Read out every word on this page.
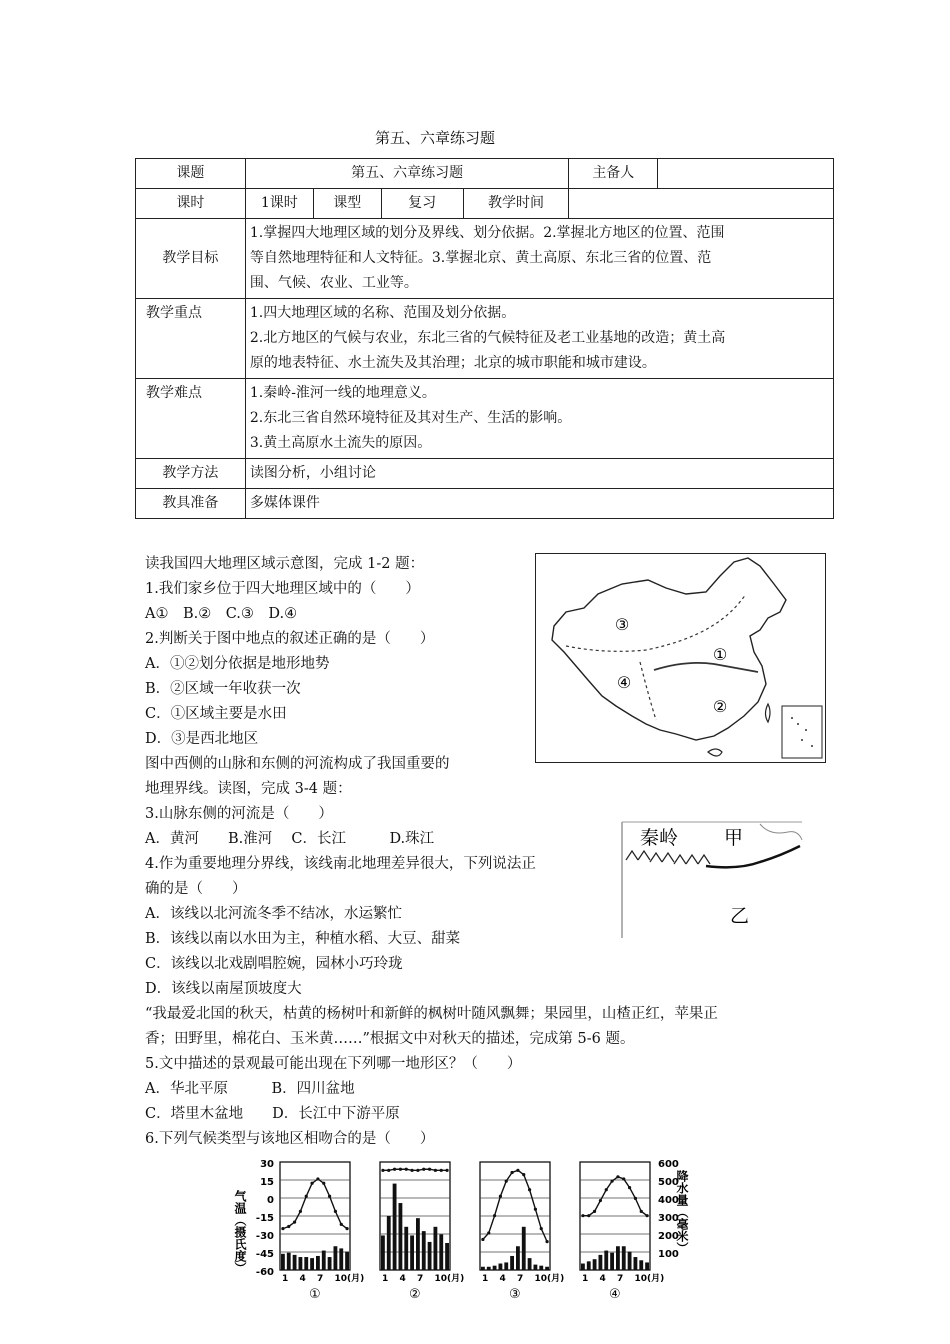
第五、六章练习题
课题	第五、六章练习题				主备人	
课时	1课时	课型	复习	教学时间		
教学目标	1.掌握四大地理区域的划分及界线、划分依据。2.掌握北方地区的位置、范围
等自然地理特征和人文特征。3.掌握北京、黄土高原、东北三省的位置、范
围、气候、农业、工业等。					

教学重点	1.四大地理区域的名称、范围及划分依据。
2.北方地区的气候与农业，东北三省的气候特征及老工业基地的改造；黄土高
原的地表特征、水土流失及其治理；北京的城市职能和城市建设。					

教学难点	1.秦岭-淮河一线的地理意义。
2.东北三省自然环境特征及其对生产、生活的影响。
3.黄土高原水土流失的原因。					

教学方法	读图分析，小组讨论					
教具准备	多媒体课件					
读我国四大地理区域示意图，完成 1-2 题：
1.我们家乡位于四大地理区域中的（　　）
A①　B.②　C.③　D.④
2.判断关于图中地点的叙述正确的是（　　）
A．①②划分依据是地形地势
B．②区域一年收获一次
C．①区域主要是水田
D．③是西北地区
图中西侧的山脉和东侧的河流构成了我国重要的
地理界线。读图，完成 3-4 题：
3.山脉东侧的河流是（　　）
A．黄河　　B.淮河　 C．长江　　　D.珠江
4.作为重要地理分界线，该线南北地理差异很大，下列说法正
确的是（　　）
A．该线以北河流冬季不结冰，水运繁忙
B．该线以南以水田为主，种植水稻、大豆、甜菜
C．该线以北戏剧唱腔婉，园林小巧玲珑
D．该线以南屋顶坡度大
“我最爱北国的秋天，枯黄的杨树叶和新鲜的枫树叶随风飘舞；果园里，山楂正红，苹果正
香；田野里，棉花白、玉米黄……”根据文中对秋天的描述，完成第 5-6 题。
5.文中描述的景观最可能出现在下列哪一地形区？（　　）
A．华北平原　　　B．四川盆地
C．塔里木盆地　　D．长江中下游平原
6.下列气候类型与该地区相吻合的是（　　）
③
①
④
②
秦岭 甲
乙
气温（摄氏度）	降水量（毫米）
30
15
0
-15
-30
-45
-60
600
500
400
300
200
100
1 4 7 10(月)
①
1 4 7 10(月)
②
1 4 7 10(月)
③
1 4 7 10(月)
④
